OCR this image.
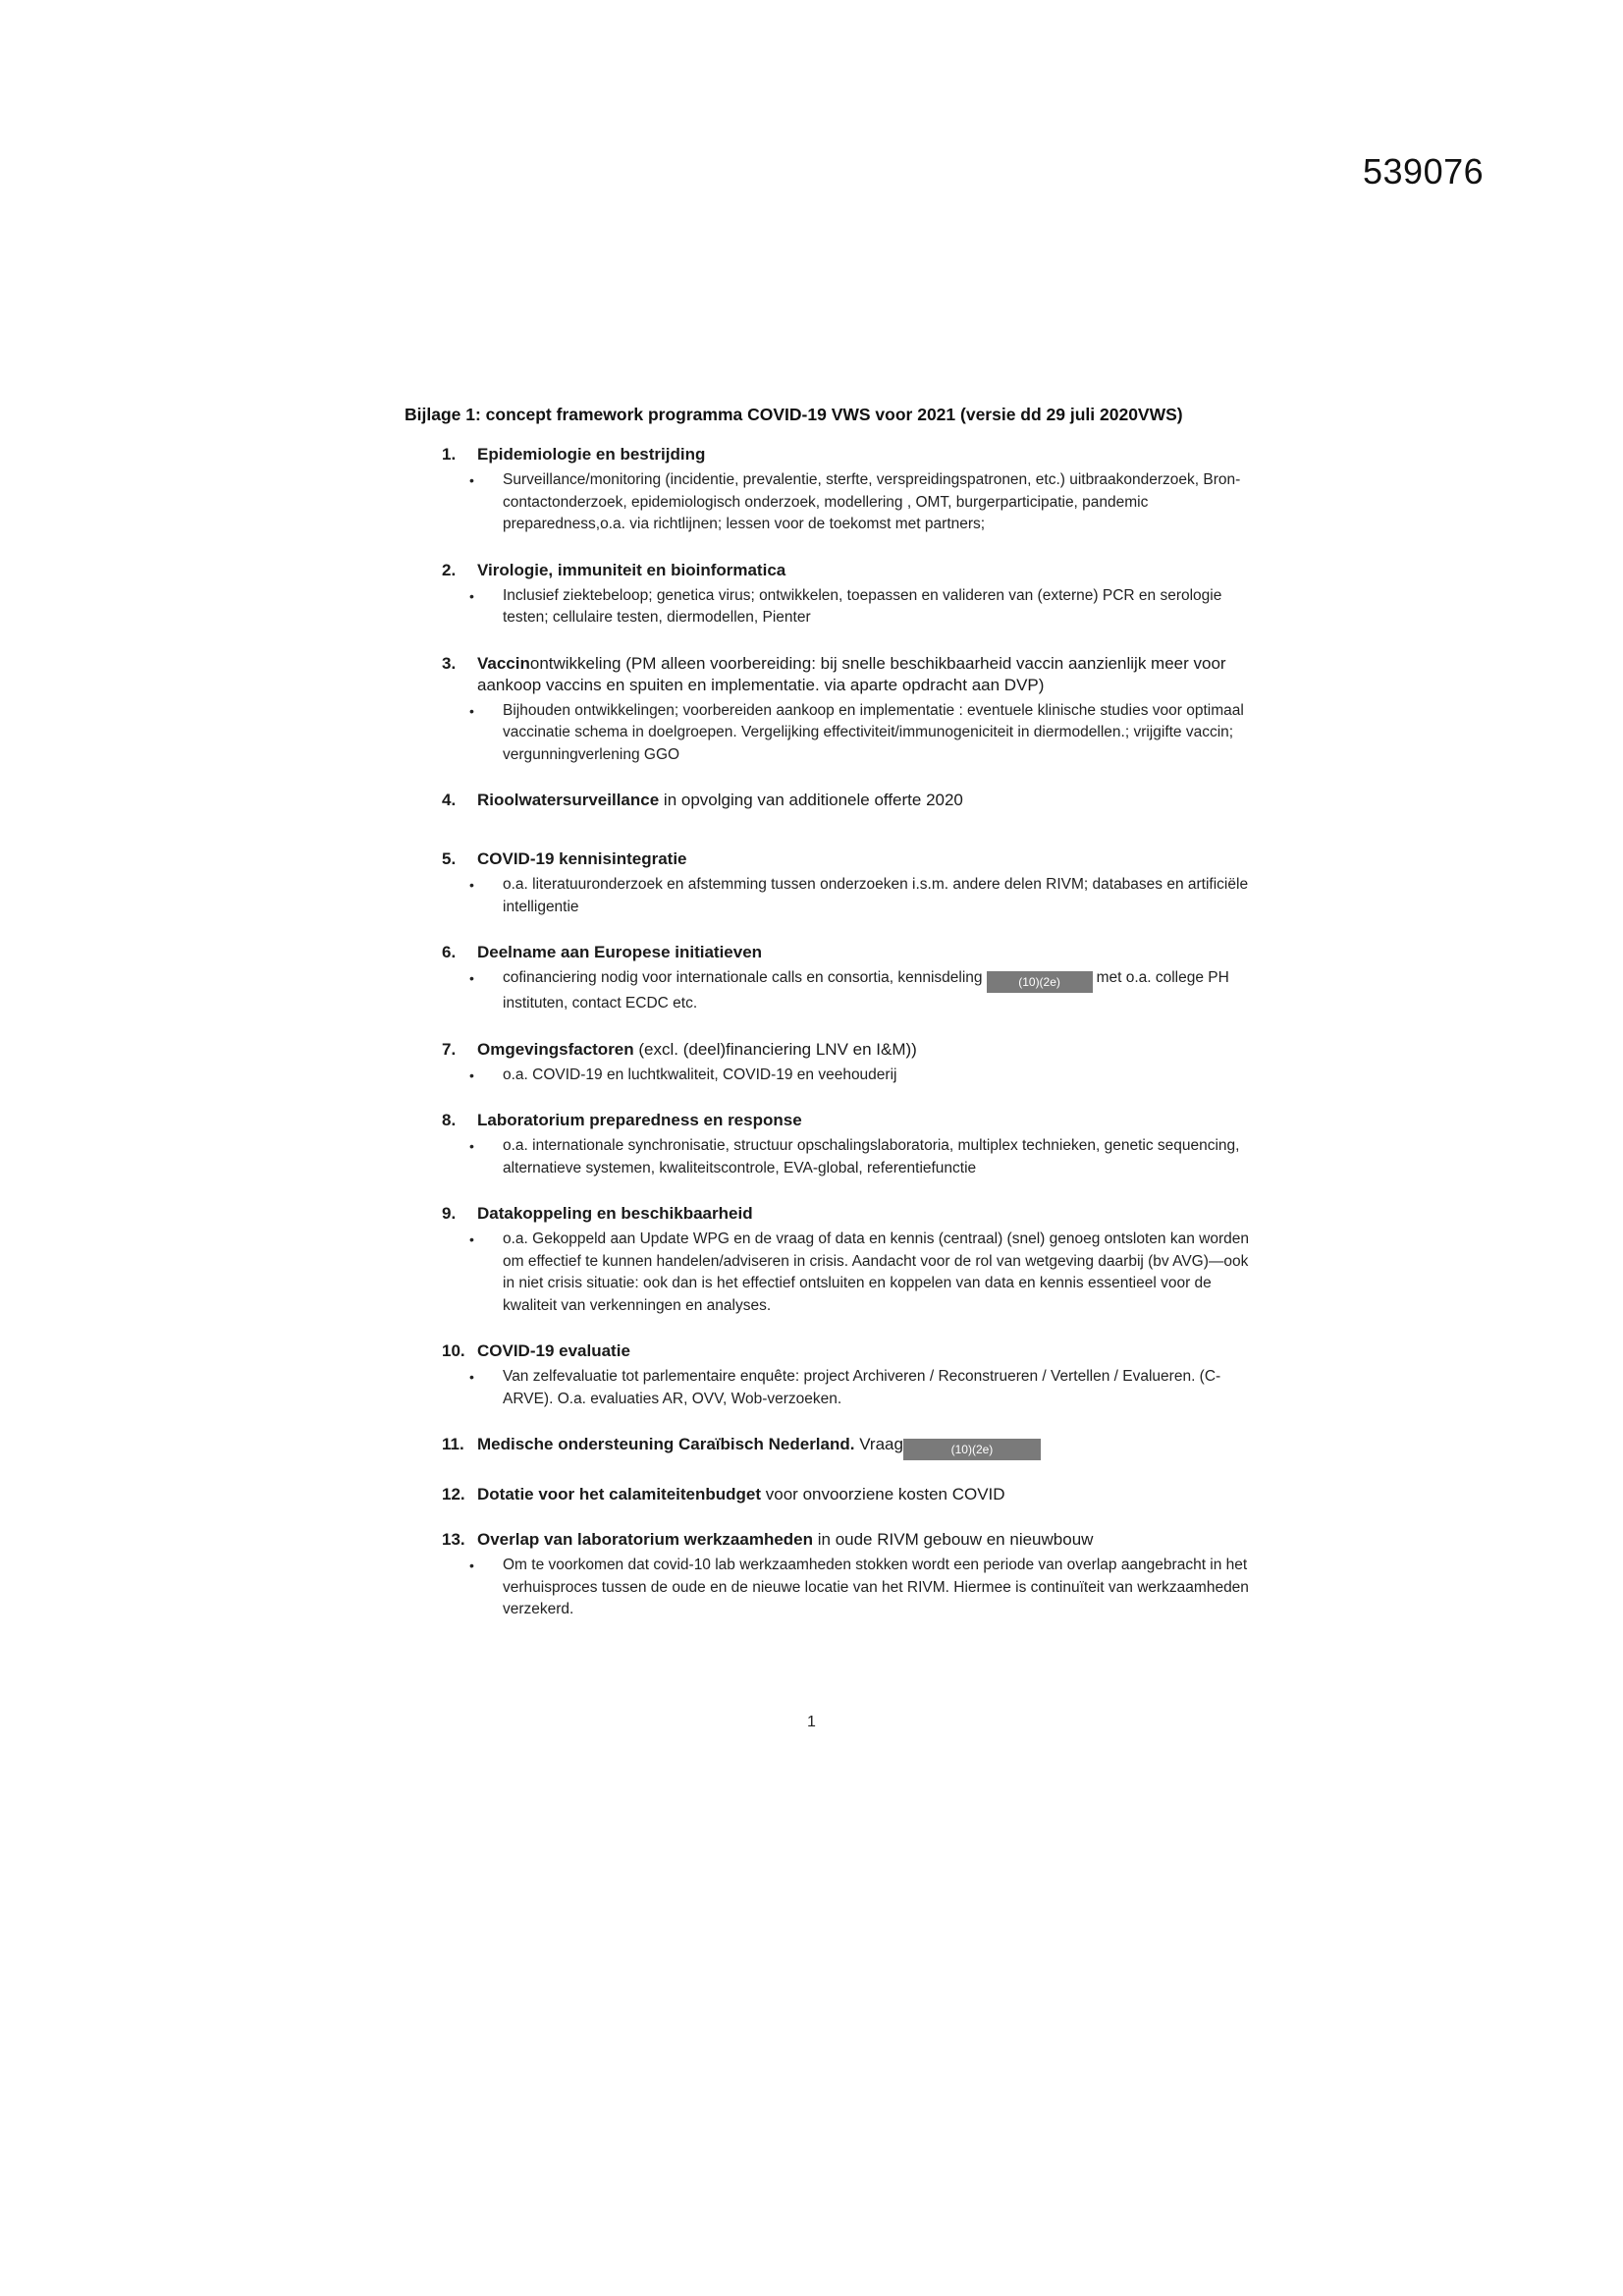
539076
Bijlage 1: concept framework programma COVID-19 VWS voor 2021 (versie dd 29 juli 2020VWS)
1. Epidemiologie en bestrijding
• Surveillance/monitoring (incidentie, prevalentie, sterfte, verspreidingspatronen, etc.) uitbraakonderzoek, Bron- contactonderzoek, epidemiologisch onderzoek, modellering , OMT, burgerparticipatie, pandemic preparedness,o.a. via richtlijnen; lessen voor de toekomst met partners;
2. Virologie, immuniteit en bioinformatica
• Inclusief ziektebeloop; genetica virus; ontwikkelen, toepassen en valideren van (externe) PCR en serologie testen; cellulaire testen, diermodellen, Pienter
3. Vaccinontwikkeling (PM alleen voorbereiding: bij snelle beschikbaarheid vaccin aanzienlijk meer voor aankoop vaccins en spuiten en implementatie. via aparte opdracht aan DVP)
• Bijhouden ontwikkelingen; voorbereiden aankoop en implementatie : eventuele klinische studies voor optimaal vaccinatie schema in doelgroepen. Vergelijking effectiviteit/immunogeniciteit in diermodellen.; vrijgifte vaccin; vergunningverlening GGO
4. Rioolwatersurveillance in opvolging van additionele offerte 2020
5. COVID-19 kennisintegratie
• o.a. literatuuronderzoek en afstemming tussen onderzoeken i.s.m. andere delen RIVM; databases en artificiële intelligentie
6. Deelname aan Europese initiatieven
• cofinanciering nodig voor internationale calls en consortia, kennisdeling	(10)(2e) met o.a. college PH instituten, contact ECDC etc.
7. Omgevingsfactoren (excl. (deel)financiering LNV en I&M))
• o.a. COVID-19 en luchtkwaliteit, COVID-19 en veehouderij
8. Laboratorium preparedness en response
• o.a. internationale synchronisatie, structuur opschalingslaboratoria, multiplex technieken, genetic sequencing, alternatieve systemen, kwaliteitscontrole, EVA-global, referentiefunctie
9. Datakoppeling en beschikbaarheid
• o.a. Gekoppeld aan Update WPG en de vraag of data en kennis (centraal) (snel) genoeg ontsloten kan worden om effectief te kunnen handelen/adviseren in crisis. Aandacht voor de rol van wetgeving daarbij (bv AVG)—ook in niet crisis situatie: ook dan is het effectief ontsluiten en koppelen van data en kennis essentieel voor de kwaliteit van verkenningen en analyses.
10. COVID-19 evaluatie
• Van zelfevaluatie tot parlementaire enquête: project Archiveren / Reconstrueren / Vertellen / Evalueren. (C-ARVE). O.a. evaluaties AR, OVV, Wob-verzoeken.
11. Medische ondersteuning Caraïbisch Nederland. Vraag	(10)(2e)
12. Dotatie voor het calamiteitenbudget voor onvoorziene kosten COVID
13. Overlap van laboratorium werkzaamheden in oude RIVM gebouw en nieuwbouw
• Om te voorkomen dat covid-10 lab werkzaamheden stokken wordt een periode van overlap aangebracht in het verhuisproces tussen de oude en de nieuwe locatie van het RIVM. Hiermee is continuïteit van werkzaamheden verzekerd.
1
